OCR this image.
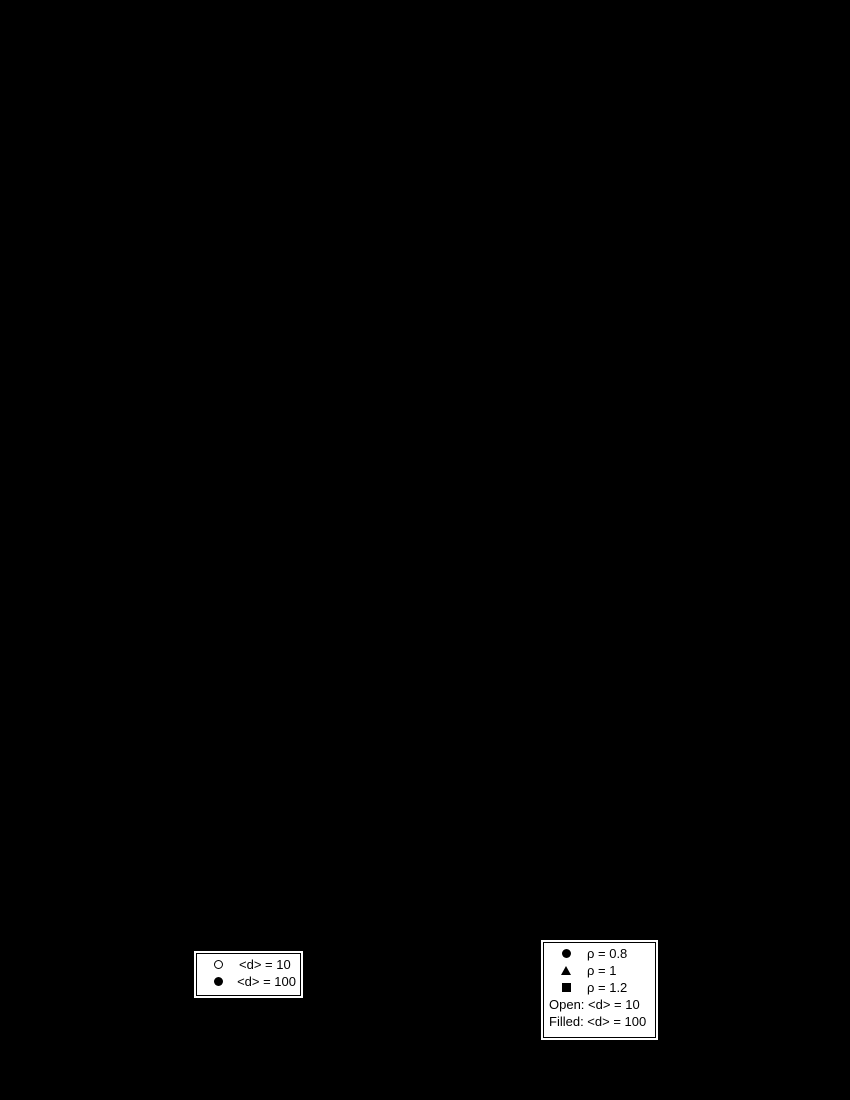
<d> = 10
<d> = 100
ρ = 0.8
ρ = 1
ρ = 1.2
Open: <d> = 10
Filled: <d> = 100
